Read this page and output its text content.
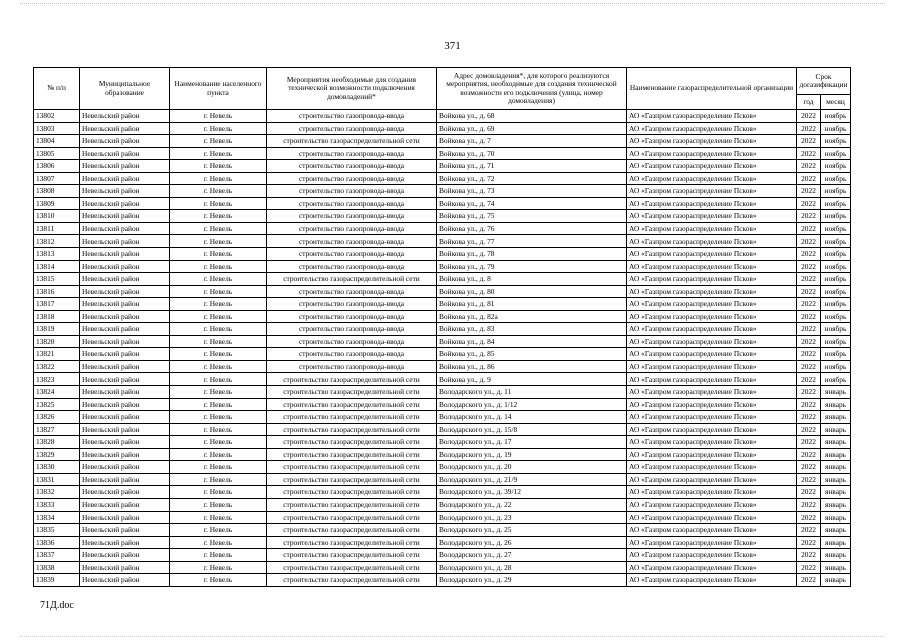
371
№ п/п	Муниципальное образование	Наименование населенного пункта	Мероприятия необходимые для создания технической возможности подключения домовладений*	Адрес домовладения*, для которого реализуются мероприятия, необходимые для создания технической возможности его подключения (улица, номер домовладения)	Наименование газораспределительной организации	Срок догазификации	
						год	месяц
13802	Невельский район	г. Невель	строительство газопровода-ввода	Войкова ул., д. 68	АО «Газпром газораспределение Псков»	2022	ноябрь
13803	Невельский район	г. Невель	строительство газопровода-ввода	Войкова ул., д. 69	АО «Газпром газораспределение Псков»	2022	ноябрь
13804	Невельский район	г. Невель	строительство газораспределительной сети	Войкова ул., д. 7	АО «Газпром газораспределение Псков»	2022	ноябрь
13805	Невельский район	г. Невель	строительство газопровода-ввода	Войкова ул., д. 70	АО «Газпром газораспределение Псков»	2022	ноябрь
13806	Невельский район	г. Невель	строительство газопровода-ввода	Войкова ул., д. 71	АО «Газпром газораспределение Псков»	2022	ноябрь
13807	Невельский район	г. Невель	строительство газопровода-ввода	Войкова ул., д. 72	АО «Газпром газораспределение Псков»	2022	ноябрь
13808	Невельский район	г. Невель	строительство газопровода-ввода	Войкова ул., д. 73	АО «Газпром газораспределение Псков»	2022	ноябрь
13809	Невельский район	г. Невель	строительство газопровода-ввода	Войкова ул., д. 74	АО «Газпром газораспределение Псков»	2022	ноябрь
13810	Невельский район	г. Невель	строительство газопровода-ввода	Войкова ул., д. 75	АО «Газпром газораспределение Псков»	2022	ноябрь
13811	Невельский район	г. Невель	строительство газопровода-ввода	Войкова ул., д. 76	АО «Газпром газораспределение Псков»	2022	ноябрь
13812	Невельский район	г. Невель	строительство газопровода-ввода	Войкова ул., д. 77	АО «Газпром газораспределение Псков»	2022	ноябрь
13813	Невельский район	г. Невель	строительство газопровода-ввода	Войкова ул., д. 78	АО «Газпром газораспределение Псков»	2022	ноябрь
13814	Невельский район	г. Невель	строительство газопровода-ввода	Войкова ул., д. 79	АО «Газпром газораспределение Псков»	2022	ноябрь
13815	Невельский район	г. Невель	строительство газораспределительной сети	Войкова ул., д. 8	АО «Газпром газораспределение Псков»	2022	ноябрь
13816	Невельский район	г. Невель	строительство газопровода-ввода	Войкова ул., д. 80	АО «Газпром газораспределение Псков»	2022	ноябрь
13817	Невельский район	г. Невель	строительство газопровода-ввода	Войкова ул., д. 81	АО «Газпром газораспределение Псков»	2022	ноябрь
13818	Невельский район	г. Невель	строительство газопровода-ввода	Войкова ул., д. 82а	АО «Газпром газораспределение Псков»	2022	ноябрь
13819	Невельский район	г. Невель	строительство газопровода-ввода	Войкова ул., д. 83	АО «Газпром газораспределение Псков»	2022	ноябрь
13820	Невельский район	г. Невель	строительство газопровода-ввода	Войкова ул., д. 84	АО «Газпром газораспределение Псков»	2022	ноябрь
13821	Невельский район	г. Невель	строительство газопровода-ввода	Войкова ул., д. 85	АО «Газпром газораспределение Псков»	2022	ноябрь
13822	Невельский район	г. Невель	строительство газопровода-ввода	Войкова ул., д. 86	АО «Газпром газораспределение Псков»	2022	ноябрь
13823	Невельский район	г. Невель	строительство газораспределительной сети	Войкова ул., д. 9	АО «Газпром газораспределение Псков»	2022	ноябрь
13824	Невельский район	г. Невель	строительство газораспределительной сети	Володарского ул., д. 11	АО «Газпром газораспределение Псков»	2022	январь
13825	Невельский район	г. Невель	строительство газораспределительной сети	Володарского ул., д. 1/12	АО «Газпром газораспределение Псков»	2022	январь
13826	Невельский район	г. Невель	строительство газораспределительной сети	Володарского ул., д. 14	АО «Газпром газораспределение Псков»	2022	январь
13827	Невельский район	г. Невель	строительство газораспределительной сети	Володарского ул., д. 15/8	АО «Газпром газораспределение Псков»	2022	январь
13828	Невельский район	г. Невель	строительство газораспределительной сети	Володарского ул., д. 17	АО «Газпром газораспределение Псков»	2022	январь
13829	Невельский район	г. Невель	строительство газораспределительной сети	Володарского ул., д. 19	АО «Газпром газораспределение Псков»	2022	январь
13830	Невельский район	г. Невель	строительство газораспределительной сети	Володарского ул., д. 20	АО «Газпром газораспределение Псков»	2022	январь
13831	Невельский район	г. Невель	строительство газораспределительной сети	Володарского ул., д. 21/9	АО «Газпром газораспределение Псков»	2022	январь
13832	Невельский район	г. Невель	строительство газораспределительной сети	Володарского ул., д. 39/12	АО «Газпром газораспределение Псков»	2022	январь
13833	Невельский район	г. Невель	строительство газораспределительной сети	Володарского ул., д. 22	АО «Газпром газораспределение Псков»	2022	январь
13834	Невельский район	г. Невель	строительство газораспределительной сети	Володарского ул., д. 23	АО «Газпром газораспределение Псков»	2022	январь
13835	Невельский район	г. Невель	строительство газораспределительной сети	Володарского ул., д. 25	АО «Газпром газораспределение Псков»	2022	январь
13836	Невельский район	г. Невель	строительство газораспределительной сети	Володарского ул., д. 26	АО «Газпром газораспределение Псков»	2022	январь
13837	Невельский район	г. Невель	строительство газораспределительной сети	Володарского ул., д. 27	АО «Газпром газораспределение Псков»	2022	январь
13838	Невельский район	г. Невель	строительство газораспределительной сети	Володарского ул., д. 28	АО «Газпром газораспределение Псков»	2022	январь
13839	Невельский район	г. Невель	строительство газораспределительной сети	Володарского ул., д. 29	АО «Газпром газораспределение Псков»	2022	январь
71Д.doc
